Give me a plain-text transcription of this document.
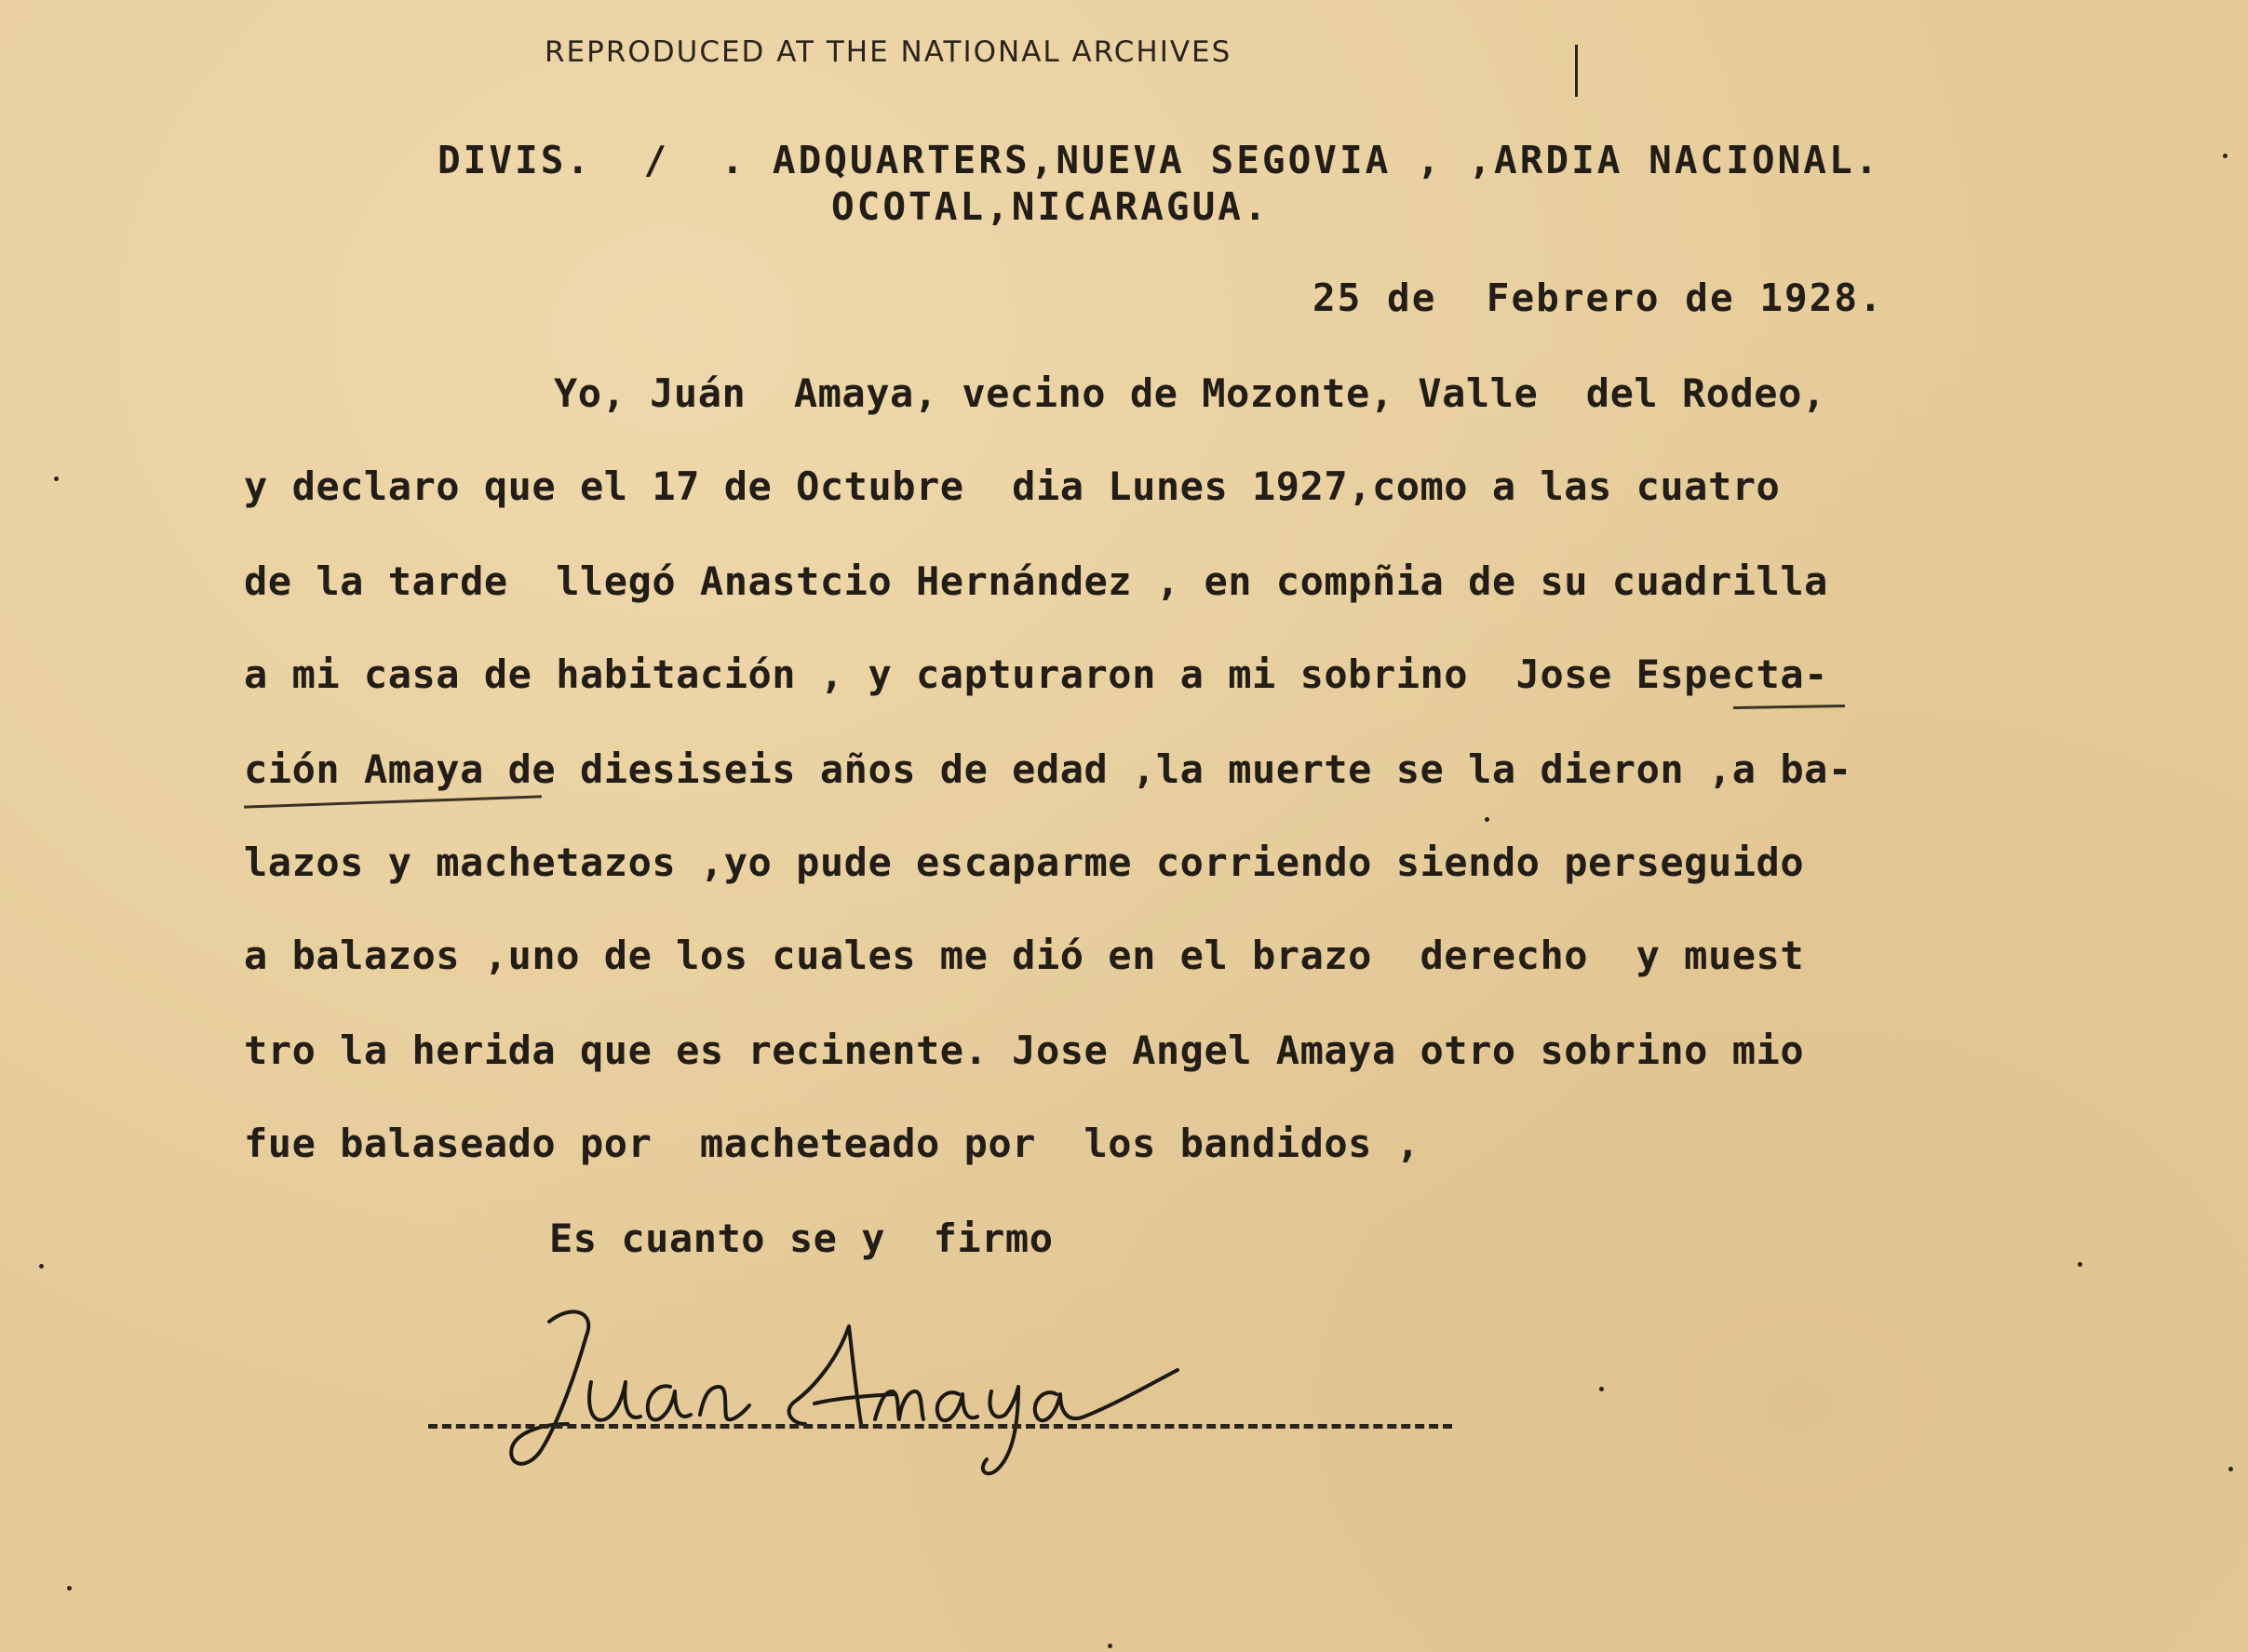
REPRODUCED AT THE NATIONAL ARCHIVES
DIVIS.  /  . ADQUARTERS,NUEVA SEGOVIA , ,ARDIA NACIONAL.
OCOTAL,NICARAGUA.
25 de  Febrero de 1928.
Yo, Juán  Amaya, vecino de Mozonte, Valle  del Rodeo,
y declaro que el 17 de Octubre  dia Lunes 1927,como a las cuatro
de la tarde  llegó Anastcio Hernández , en compñia de su cuadrilla
a mi casa de habitación , y capturaron a mi sobrino  Jose Especta-
ción Amaya de diesiseis años de edad ,la muerte se la dieron ,a ba-
lazos y machetazos ,yo pude escaparme corriendo siendo perseguido
a balazos ,uno de los cuales me dió en el brazo  derecho  y muest
tro la herida que es recinente. Jose Angel Amaya otro sobrino mio
fue balaseado por  macheteado por  los bandidos ,
Es cuanto se y  firmo
